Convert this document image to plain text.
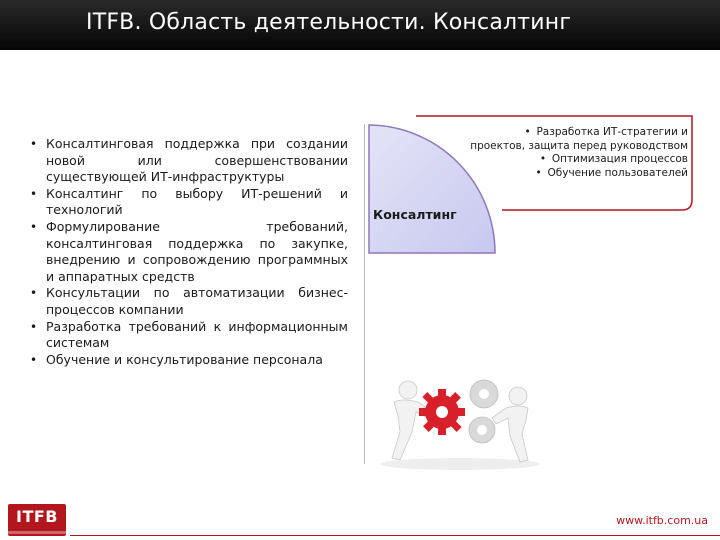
ITFB. Область деятельности. Консалтинг
• Консалтинговая поддержка при создании новой или совершенствовании существующей ИТ-инфраструктуры
• Консалтинг по выбору ИТ-решений и технологий
• Формулирование требований, консалтинговая поддержка по закупке, внедрению и сопровождению программных и аппаратных средств
• Консультации по автоматизации бизнес-процессов компании
• Разработка требований к информационным системам
• Обучение и консультирование персонала
Консалтинг
• Разработка ИТ-стратегии и проектов, защита перед руководством
• Оптимизация процессов
• Обучение пользователей
ITFB	www.itfb.com.ua
